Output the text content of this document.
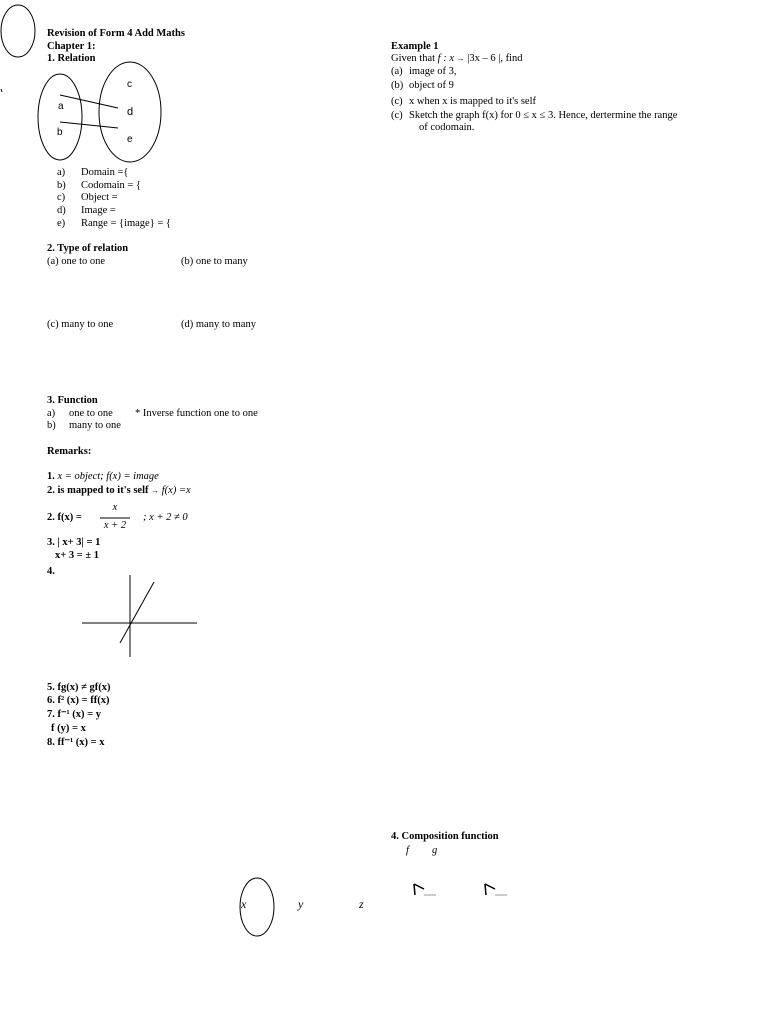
Revision of Form 4 Add Maths
Chapter 1:
1. Relation
a
b
c
d
e
a) Domain ={
b) Codomain = {
c) Object =
d) Image =
e) Range = {image} = {
2. Type of relation
(a) one to one	(b) one to many
(c) many to one	(d) many to many
3. Function
a) one to one * Inverse function one to one
b) many to one
Remarks:
1. x = object; f(x) = image
2. is mapped to it's self → f(x) =x
2. f(x) =
x
x + 2
; x + 2 ≠ 0
3. | x+ 3| = 1
x+ 3 = ± 1
4.
5. fg(x) ≠ gf(x)
6. f² (x) = ff(x)
7. f⁻¹ (x) = y
f (y) = x
8. ff⁻¹ (x) = x
Example 1
Given that f : x → |3x – 6 |, find
(a) image of 3,
(b) object of 9
(c) x when x is mapped to it's self
(c) Sketch the graph f(x) for 0 ≤ x ≤ 3. Hence, dertermine the range
of codomain.
4. Composition function
f g
x	y	z
